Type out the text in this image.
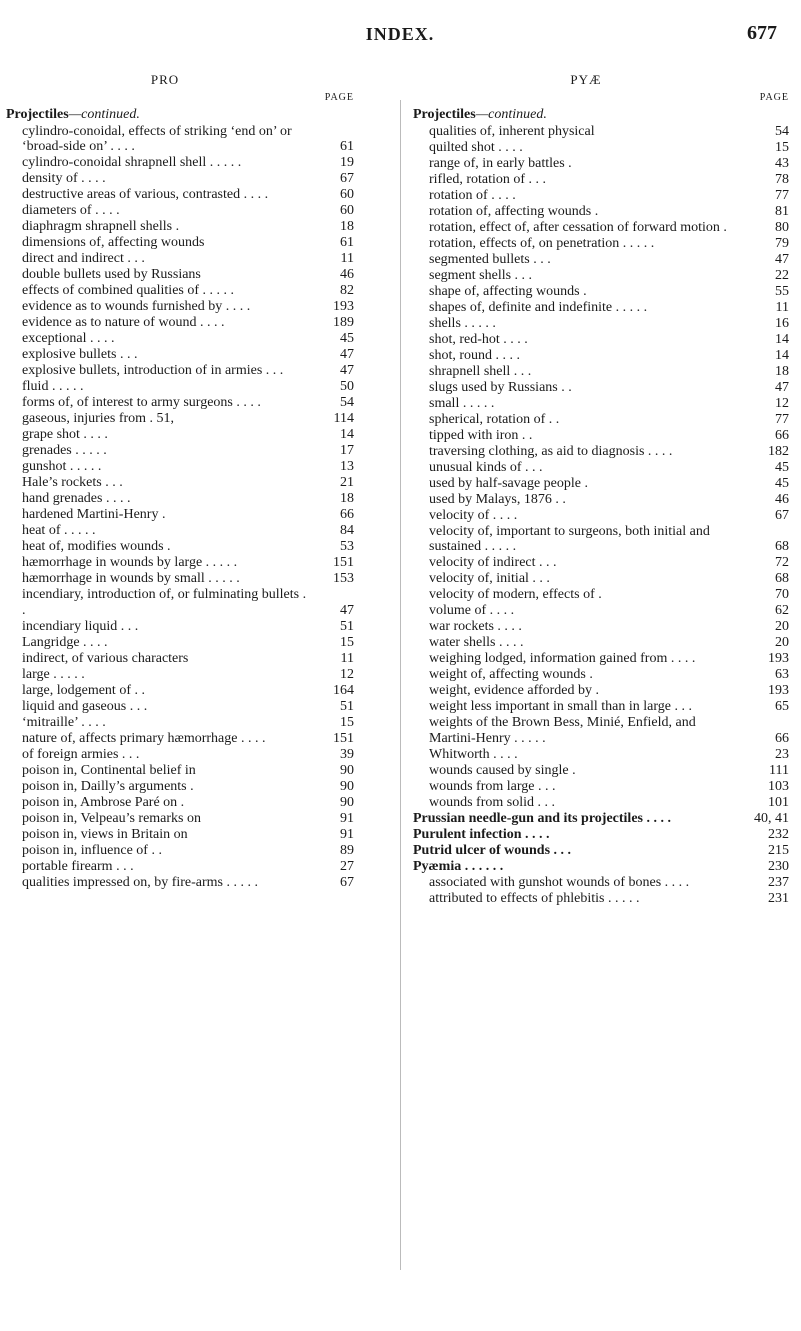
INDEX.	677
PRO
PAGE
Projectiles—continued.
cylindro-conoidal, effects of striking ‘end on’ or ‘broad-side on’ . . . .	61
cylindro-conoidal shrapnell shell . . . . .	19
density of . . . .	67
destructive areas of various, contrasted . . . .	60
diameters of . . . .	60
diaphragm shrapnell shells .	18
dimensions of, affecting wounds	61
direct and indirect . . .	11
double bullets used by Russians	46
effects of combined qualities of . . . . .	82
evidence as to wounds furnished by . . . .	193
evidence as to nature of wound . . . .	189
exceptional . . . .	45
explosive bullets . . .	47
explosive bullets, introduction of in armies . . .	47
fluid . . . . .	50
forms of, of interest to army surgeons . . . .	54
gaseous, injuries from . 51,	114
grape shot . . . .	14
grenades . . . . .	17
gunshot . . . . .	13
Hale’s rockets . . .	21
hand grenades . . . .	18
hardened Martini-Henry .	66
heat of . . . . .	84
heat of, modifies wounds .	53
hæmorrhage in wounds by large . . . . .	151
hæmorrhage in wounds by small . . . . .	153
incendiary, introduction of, or fulminating bullets . .	47
incendiary liquid . . .	51
Langridge . . . .	15
indirect, of various characters	11
large . . . . .	12
large, lodgement of . .	164
liquid and gaseous . . .	51
‘mitraille’ . . . .	15
nature of, affects primary hæmorrhage . . . .	151
of foreign armies . . .	39
poison in, Continental belief in	90
poison in, Dailly’s arguments .	90
poison in, Ambrose Paré on .	90
poison in, Velpeau’s remarks on	91
poison in, views in Britain on	91
poison in, influence of . .	89
portable firearm . . .	27
qualities impressed on, by fire-arms . . . . .	67
PYÆ
PAGE
Projectiles—continued.
qualities of, inherent physical	54
quilted shot . . . .	15
range of, in early battles .	43
rifled, rotation of . . .	78
rotation of . . . .	77
rotation of, affecting wounds .	81
rotation, effect of, after cessation of forward motion .	80
rotation, effects of, on penetration . . . . .	79
segmented bullets . . .	47
segment shells . . .	22
shape of, affecting wounds .	55
shapes of, definite and indefinite . . . . .	11
shells . . . . .	16
shot, red-hot . . . .	14
shot, round . . . .	14
shrapnell shell . . .	18
slugs used by Russians . .	47
small . . . . .	12
spherical, rotation of . .	77
tipped with iron . .	66
traversing clothing, as aid to diagnosis . . . .	182
unusual kinds of . . .	45
used by half-savage people .	45
used by Malays, 1876 . .	46
velocity of . . . .	67
velocity of, important to surgeons, both initial and sustained . . . . .	68
velocity of indirect . . .	72
velocity of, initial . . .	68
velocity of modern, effects of .	70
volume of . . . .	62
war rockets . . . .	20
water shells . . . .	20
weighing lodged, information gained from . . . .	193
weight of, affecting wounds .	63
weight, evidence afforded by .	193
weight less important in small than in large . . .	65
weights of the Brown Bess, Minié, Enfield, and Martini-Henry . . . . .	66
Whitworth . . . .	23
wounds caused by single .	111
wounds from large . . .	103
wounds from solid . . .	101
Prussian needle-gun and its projectiles . . . .	40, 41
Purulent infection . . . .	232
Putrid ulcer of wounds . . .	215
Pyæmia . . . . . .	230
associated with gunshot wounds of bones . . . .	237
attributed to effects of phlebitis . . . . .	231
